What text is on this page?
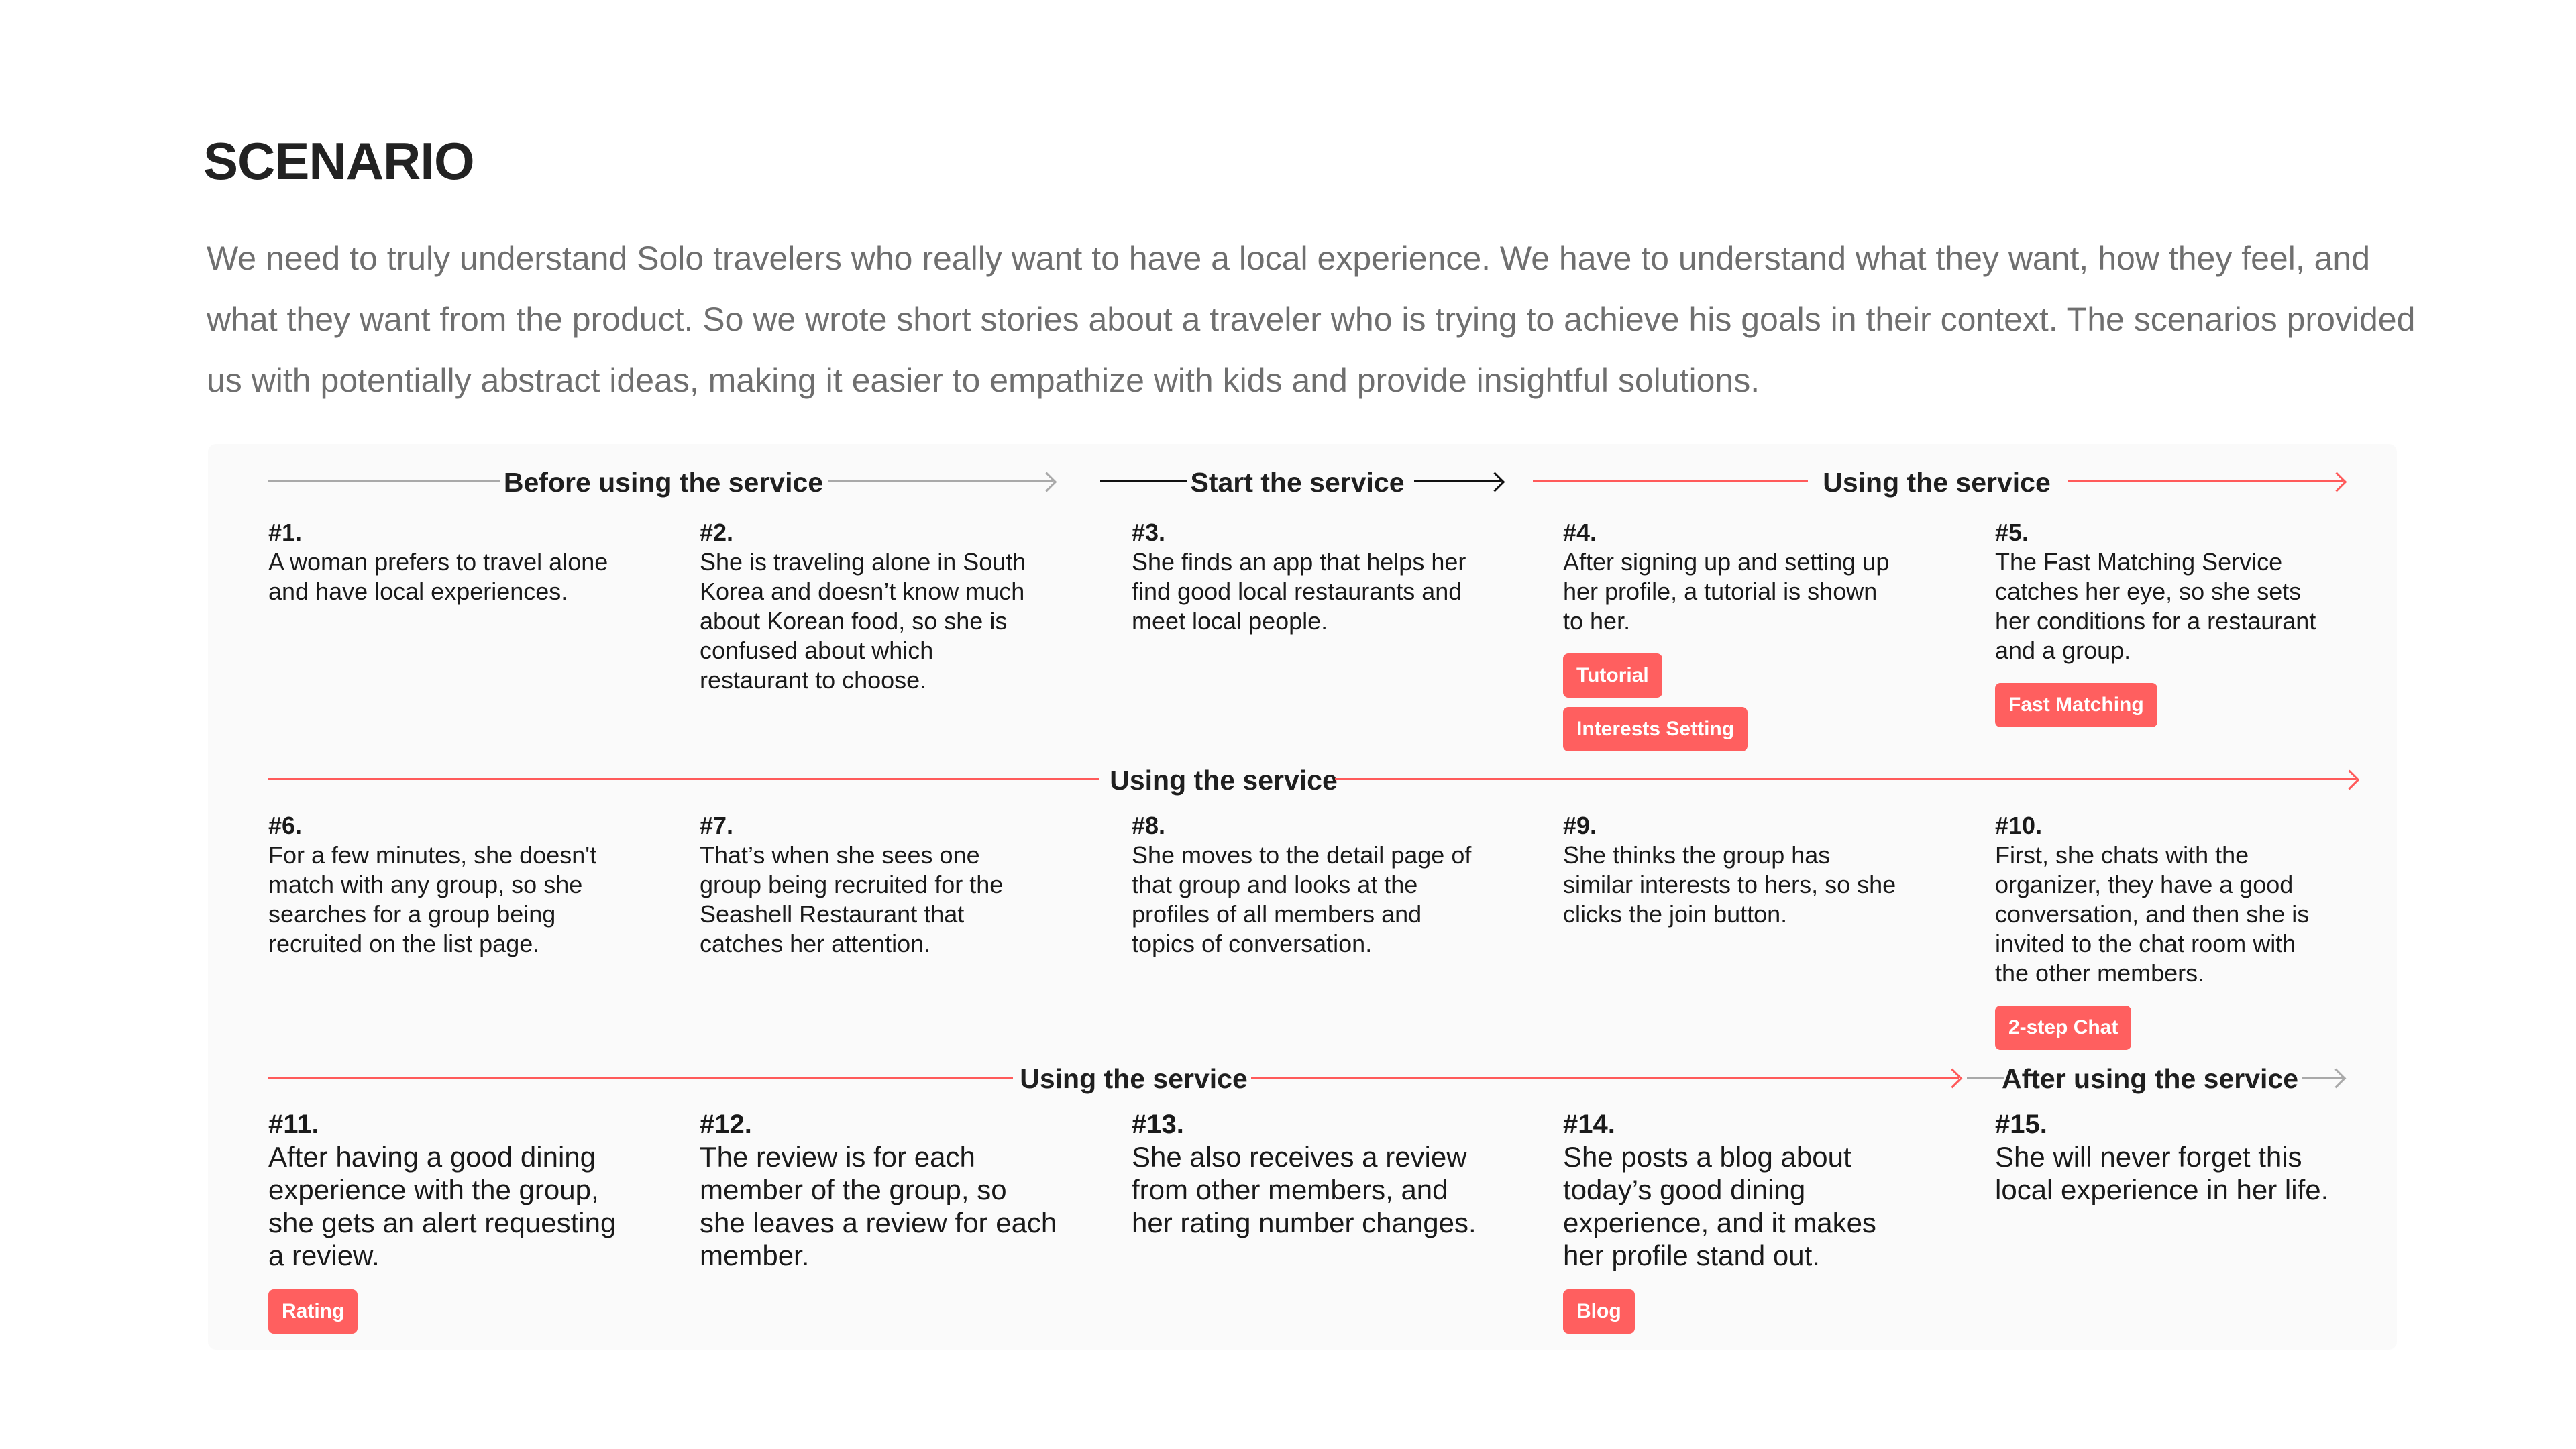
SCENARIO

We need to truly understand Solo travelers who really want to have a local experience. We have to understand what they want, how they feel, and what they want from the product. So we wrote short stories about a traveler who is trying to achieve his goals in their context. The scenarios provided us with potentially abstract ideas, making it easier to empathize with kids and provide insightful solutions.

Before using the service	Start the service	Using the service
Using the service
Using the service	After using the service
#1.
A woman prefers to travel alone
and have local experiences.
#2.
She is traveling alone in South
Korea and doesn’t know much
about Korean food, so she is
confused about which
restaurant to choose.
#3.
She finds an app that helps her
find good local restaurants and
meet local people.
#4.
After signing up and setting up
her profile, a tutorial is shown
to her.
Tutorial
Interests Setting
#5.
The Fast Matching Service
catches her eye, so she sets
her conditions for a restaurant
and a group.
Fast Matching
#6.
For a few minutes, she doesn't
match with any group, so she
searches for a group being
recruited on the list page.
#7.
That’s when she sees one
group being recruited for the
Seashell Restaurant that
catches her attention.
#8.
She moves to the detail page of
that group and looks at the
profiles of all members and
topics of conversation.
#9.
She thinks the group has
similar interests to hers, so she
clicks the join button.
#10.
First, she chats with the
organizer, they have a good
conversation, and then she is
invited to the chat room with
the other members.
2-step Chat
#11.
After having a good dining
experience with the group,
she gets an alert requesting
a review.
Rating
#12.
The review is for each
member of the group, so
she leaves a review for each
member.
#13.
She also receives a review
from other members, and
her rating number changes.
#14.
She posts a blog about
today’s good dining
experience, and it makes
her profile stand out.
Blog
#15.
She will never forget this
local experience in her life.
